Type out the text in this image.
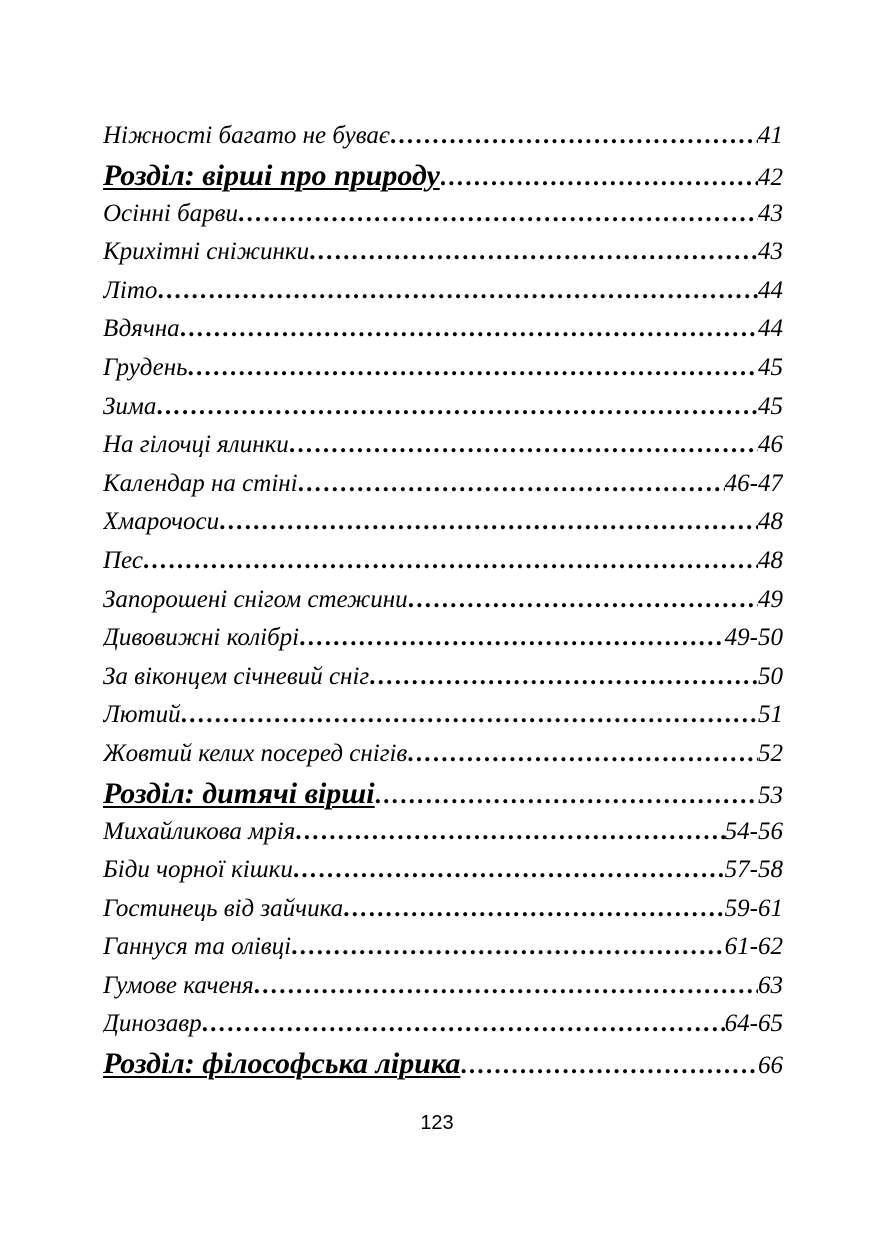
Ніжності багато не буває ……………………………………………………………………………………………………………………………………	41
Розділ: вірші про природу ……………………………………………………………………………………………………………………………………	42
Осінні барви ……………………………………………………………………………………………………………………………………	43
Крихітні сніжинки ……………………………………………………………………………………………………………………………………	43
Літо ……………………………………………………………………………………………………………………………………	44
Вдячна ……………………………………………………………………………………………………………………………………	44
Грудень ……………………………………………………………………………………………………………………………………	45
Зима ……………………………………………………………………………………………………………………………………	45
На гілочці ялинки ……………………………………………………………………………………………………………………………………	46
Календар на стіні ……………………………………………………………………………………………………………………………………	46-47
Хмарочоси ……………………………………………………………………………………………………………………………………	48
Пес ……………………………………………………………………………………………………………………………………	48
Запорошені снігом стежини ……………………………………………………………………………………………………………………………………	49
Дивовижні колібрі ……………………………………………………………………………………………………………………………………	49-50
За віконцем січневий сніг ……………………………………………………………………………………………………………………………………	50
Лютий ……………………………………………………………………………………………………………………………………	51
Жовтий келих посеред снігів ……………………………………………………………………………………………………………………………………	52
Розділ: дитячі вірші ……………………………………………………………………………………………………………………………………	53
Михайликова мрія ……………………………………………………………………………………………………………………………………	54-56
Біди чорної кішки ……………………………………………………………………………………………………………………………………	57-58
Гостинець від зайчика ……………………………………………………………………………………………………………………………………	59-61
Ганнуся та олівці ……………………………………………………………………………………………………………………………………	61-62
Гумове каченя ……………………………………………………………………………………………………………………………………	63
Динозавр ……………………………………………………………………………………………………………………………………	64-65
Розділ: філософська лірика ……………………………………………………………………………………………………………………………………	66
123
